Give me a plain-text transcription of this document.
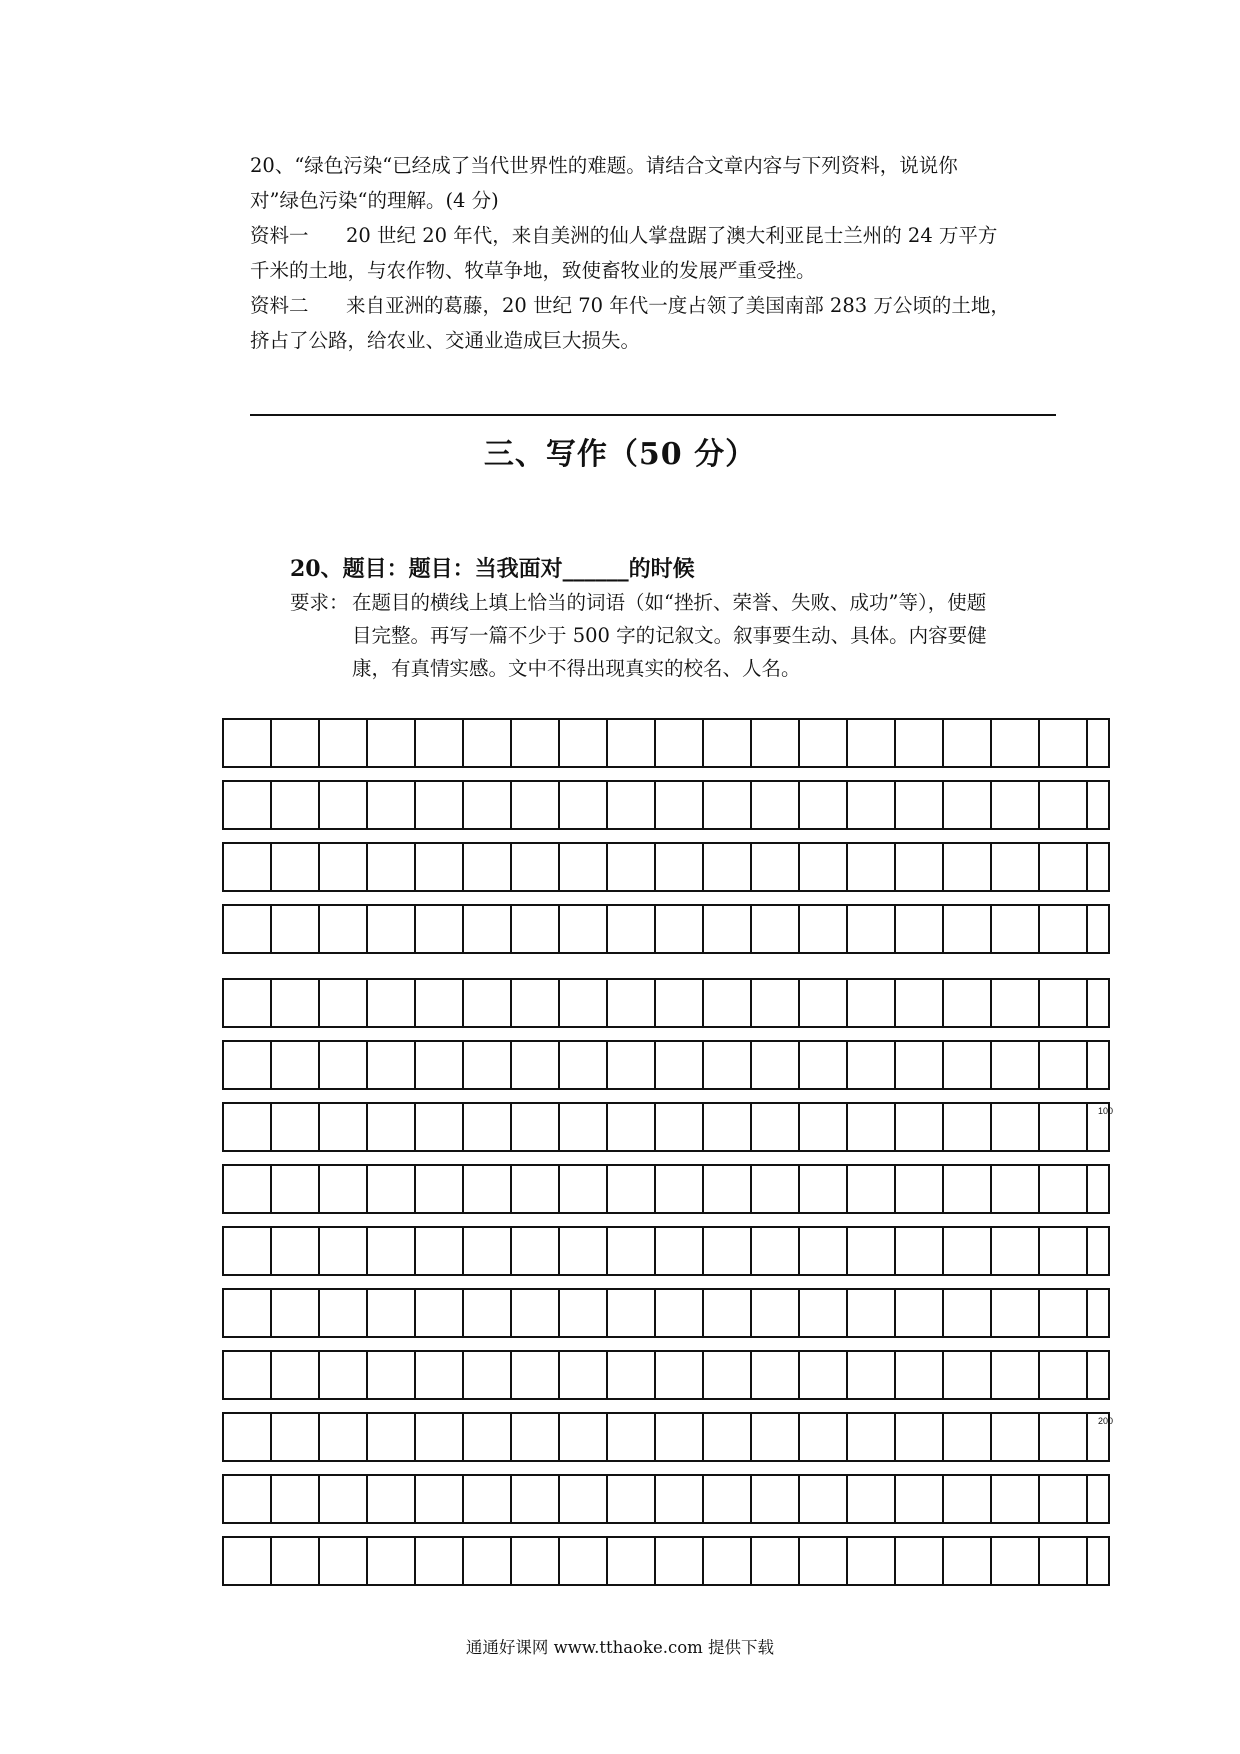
20、“绿色污染“已经成了当代世界性的难题。请结合文章内容与下列资料，说说你

对”绿色污染“的理解。(4 分)

资料一 20 世纪 20 年代，来自美洲的仙人掌盘踞了澳大利亚昆士兰州的 24 万平方

千米的土地，与农作物、牧草争地，致使畜牧业的发展严重受挫。

资料二 来自亚洲的葛藤，20 世纪 70 年代一度占领了美国南部 283 万公顷的土地，

挤占了公路，给农业、交通业造成巨大损失。

三、写作（50 分）
20、题目：题目：当我面对______的时候
要求： 在题目的横线上填上恰当的词语（如“挫折、荣誉、失败、成功”等），使题
目完整。再写一篇不少于 500 字的记叙文。叙事要生动、具体。内容要健
康，有真情实感。文中不得出现真实的校名、人名。
100
200
通通好课网 www.tthaoke.com 提供下载
